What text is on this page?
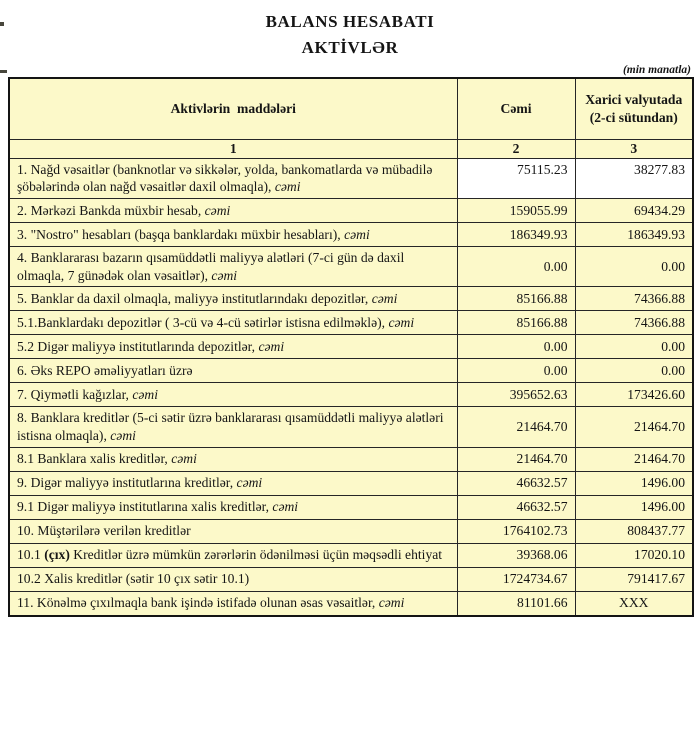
BALANS HESABATI
AKTİVLƏR
(min manatla)
Aktivlərin  maddələri	Cəmi	Xarici valyutada (2-ci sütundan)
1	2	3
1. Nağd vəsaitlər (banknotlar və sikkələr, yolda, bankomatlarda və mübadilə şöbələrində olan nağd vəsaitlər daxil olmaqla), cəmi	75115.23	38277.83
2. Mərkəzi Bankda müxbir hesab, cəmi	159055.99	69434.29
3. "Nostro" hesabları (başqa banklardakı müxbir hesabları), cəmi	186349.93	186349.93
4. Banklararası bazarın qısamüddətli maliyyə alətləri (7-ci gün də daxil olmaqla, 7 günədək olan vəsaitlər), cəmi	0.00	0.00
5. Banklar da daxil olmaqla, maliyyə institutlarındakı depozitlər, cəmi	85166.88	74366.88
5.1.Banklardakı depozitlər ( 3-cü və 4-cü sətirlər istisna edilməklə), cəmi	85166.88	74366.88
5.2 Digər maliyyə institutlarında depozitlər, cəmi	0.00	0.00
6. Əks REPO əməliyyatları üzrə	0.00	0.00
7. Qiymətli kağızlar, cəmi	395652.63	173426.60
8. Banklara kreditlər (5-ci sətir üzrə banklararası qısamüddətli maliyyə alətləri istisna olmaqla), cəmi	21464.70	21464.70
8.1 Banklara xalis kreditlər, cəmi	21464.70	21464.70
9. Digər maliyyə institutlarına kreditlər, cəmi	46632.57	1496.00
9.1 Digər maliyyə institutlarına xalis kreditlər, cəmi	46632.57	1496.00
10. Müştərilərə verilən kreditlər	1764102.73	808437.77
10.1 (çıx) Kreditlər üzrə mümkün zərərlərin ödənilməsi üçün məqsədli ehtiyat	39368.06	17020.10
10.2 Xalis kreditlər (sətir 10 çıx sətir 10.1)	1724734.67	791417.67
11. Könəlmə çıxılmaqla bank işində istifadə olunan əsas vəsaitlər, cəmi	81101.66	XXX
